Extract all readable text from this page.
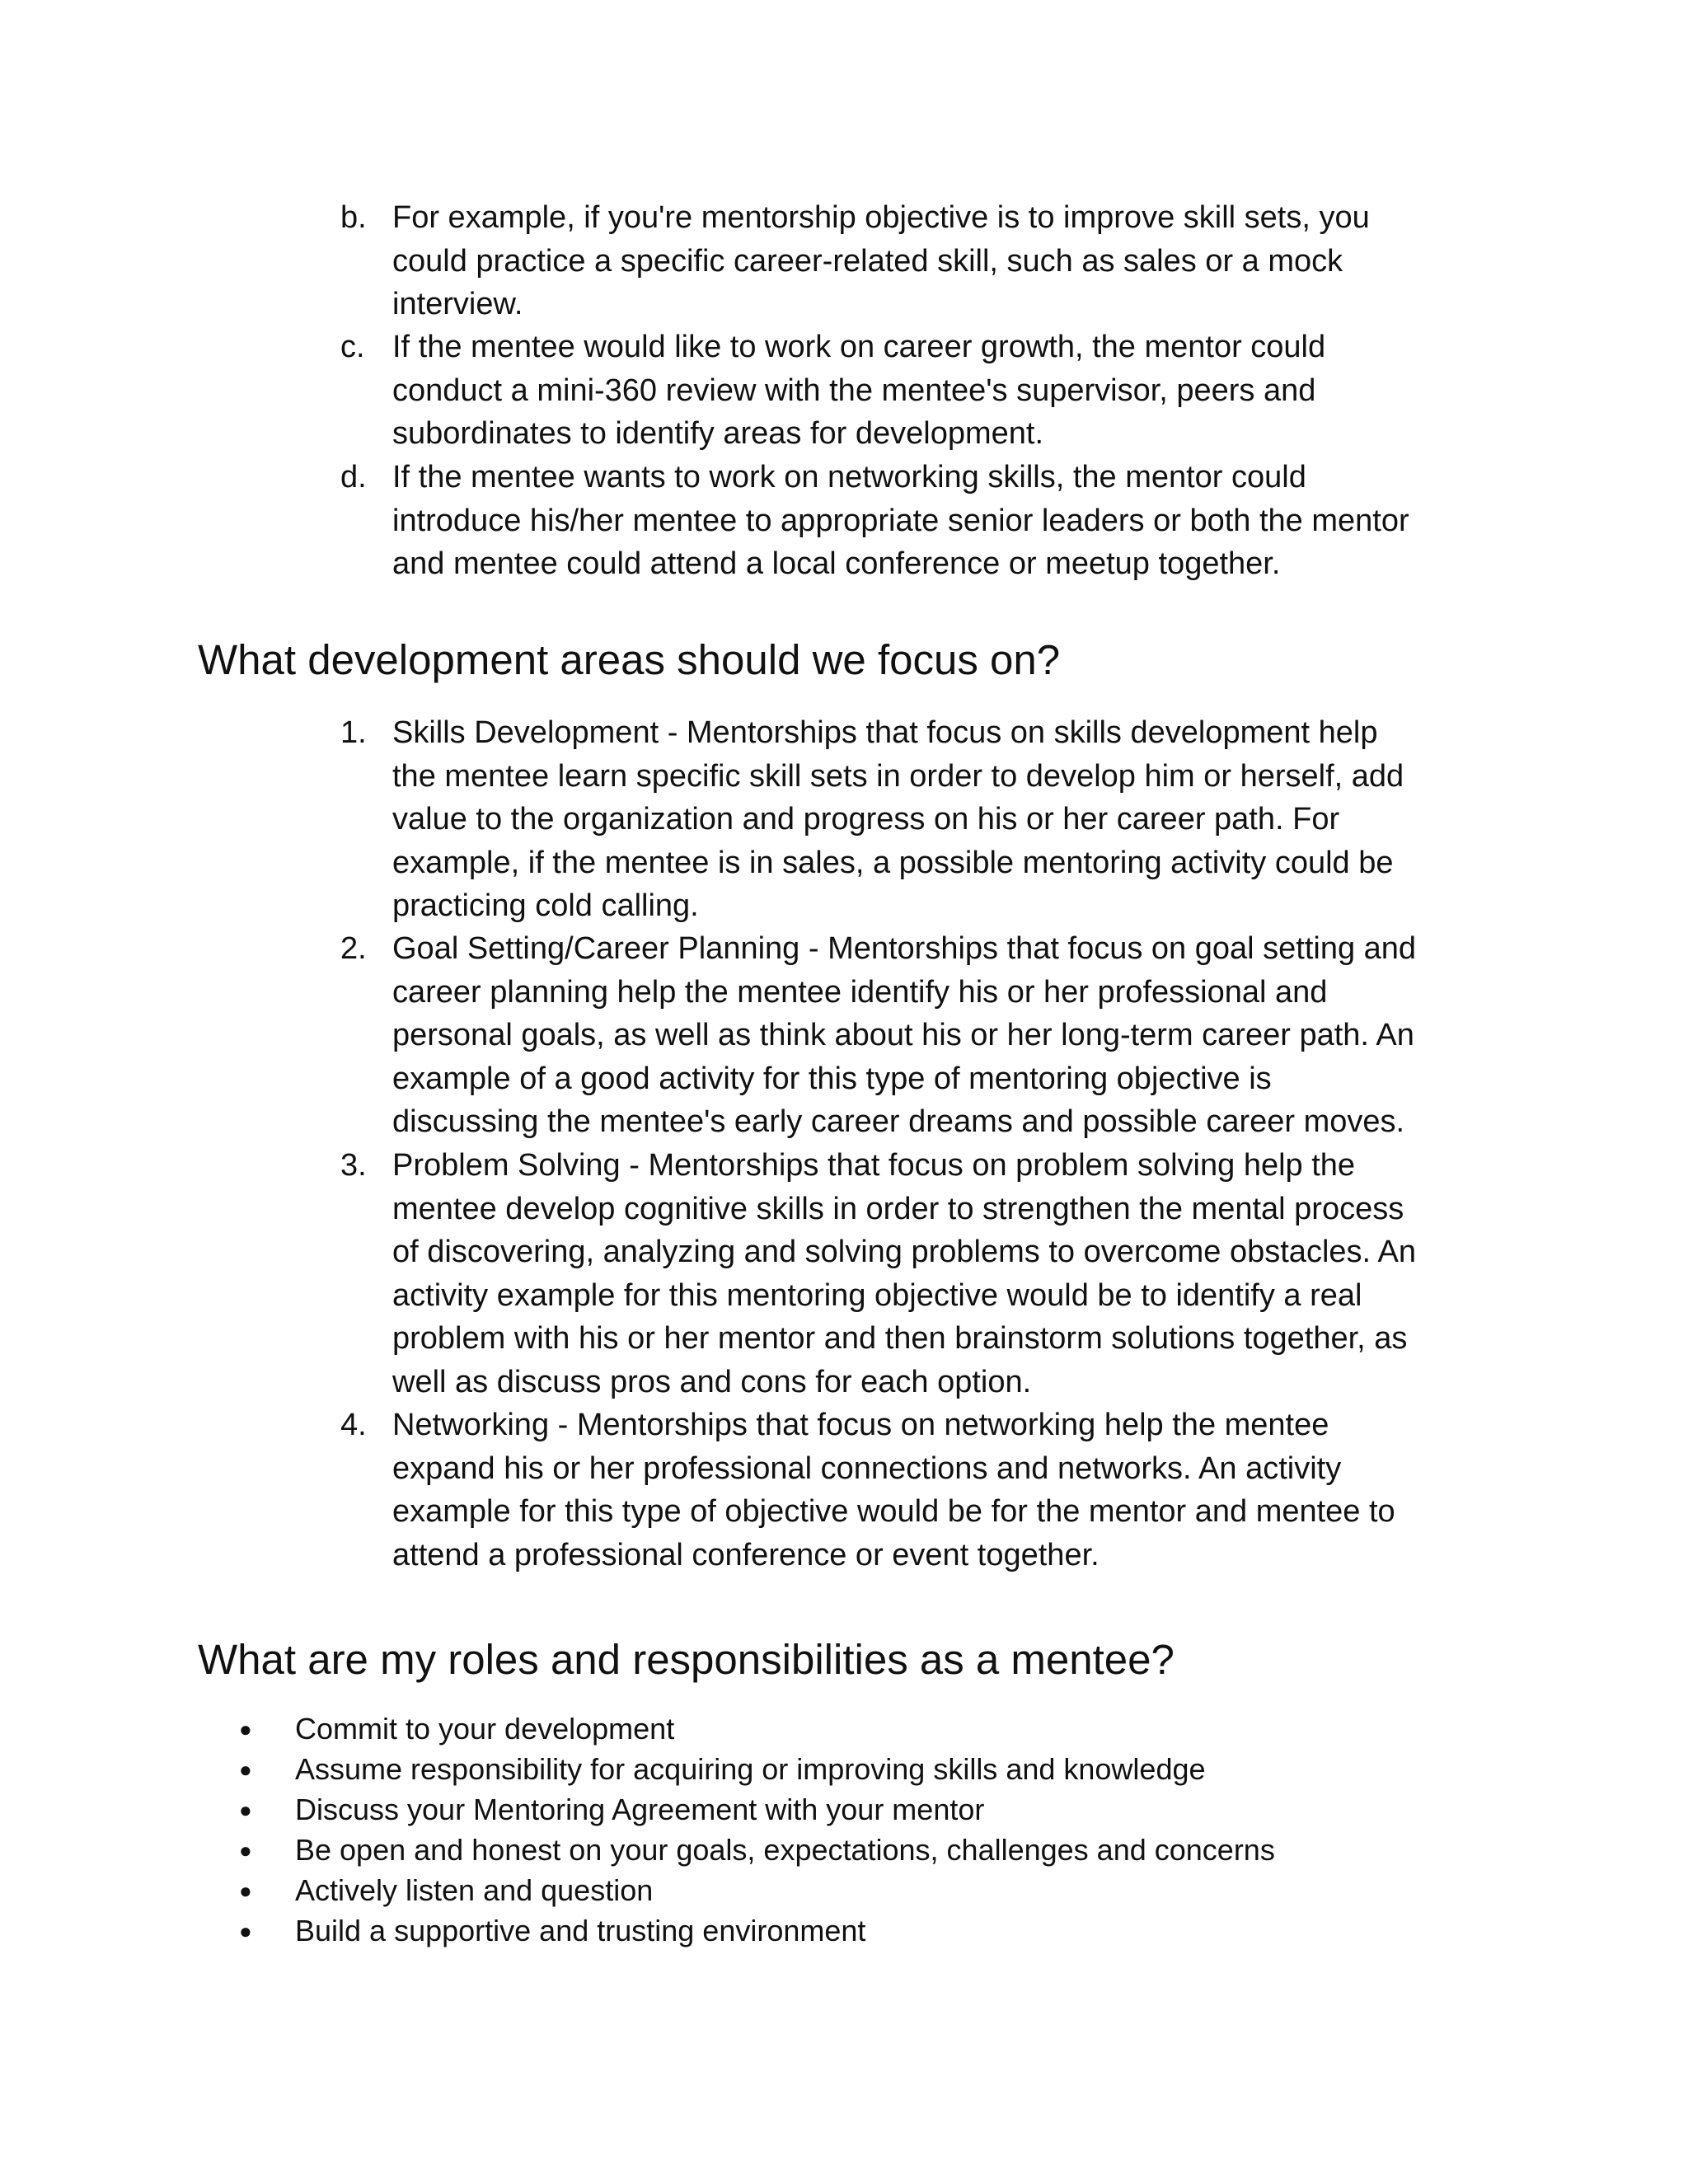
b. For example, if you're mentorship objective is to improve skill sets, you
could practice a specific career-related skill, such as sales or a mock
interview.
c. If the mentee would like to work on career growth, the mentor could
conduct a mini-360 review with the mentee's supervisor, peers and
subordinates to identify areas for development.
d. If the mentee wants to work on networking skills, the mentor could
introduce his/her mentee to appropriate senior leaders or both the mentor
and mentee could attend a local conference or meetup together.
What development areas should we focus on?
1. Skills Development - Mentorships that focus on skills development help
the mentee learn specific skill sets in order to develop him or herself, add
value to the organization and progress on his or her career path. For
example, if the mentee is in sales, a possible mentoring activity could be
practicing cold calling.
2. Goal Setting/Career Planning - Mentorships that focus on goal setting and
career planning help the mentee identify his or her professional and
personal goals, as well as think about his or her long-term career path. An
example of a good activity for this type of mentoring objective is
discussing the mentee's early career dreams and possible career moves.
3. Problem Solving - Mentorships that focus on problem solving help the
mentee develop cognitive skills in order to strengthen the mental process
of discovering, analyzing and solving problems to overcome obstacles. An
activity example for this mentoring objective would be to identify a real
problem with his or her mentor and then brainstorm solutions together, as
well as discuss pros and cons for each option.
4. Networking - Mentorships that focus on networking help the mentee
expand his or her professional connections and networks. An activity
example for this type of objective would be for the mentor and mentee to
attend a professional conference or event together.
What are my roles and responsibilities as a mentee?
● Commit to your development
● Assume responsibility for acquiring or improving skills and knowledge
● Discuss your Mentoring Agreement with your mentor
● Be open and honest on your goals, expectations, challenges and concerns
● Actively listen and question
● Build a supportive and trusting environment
